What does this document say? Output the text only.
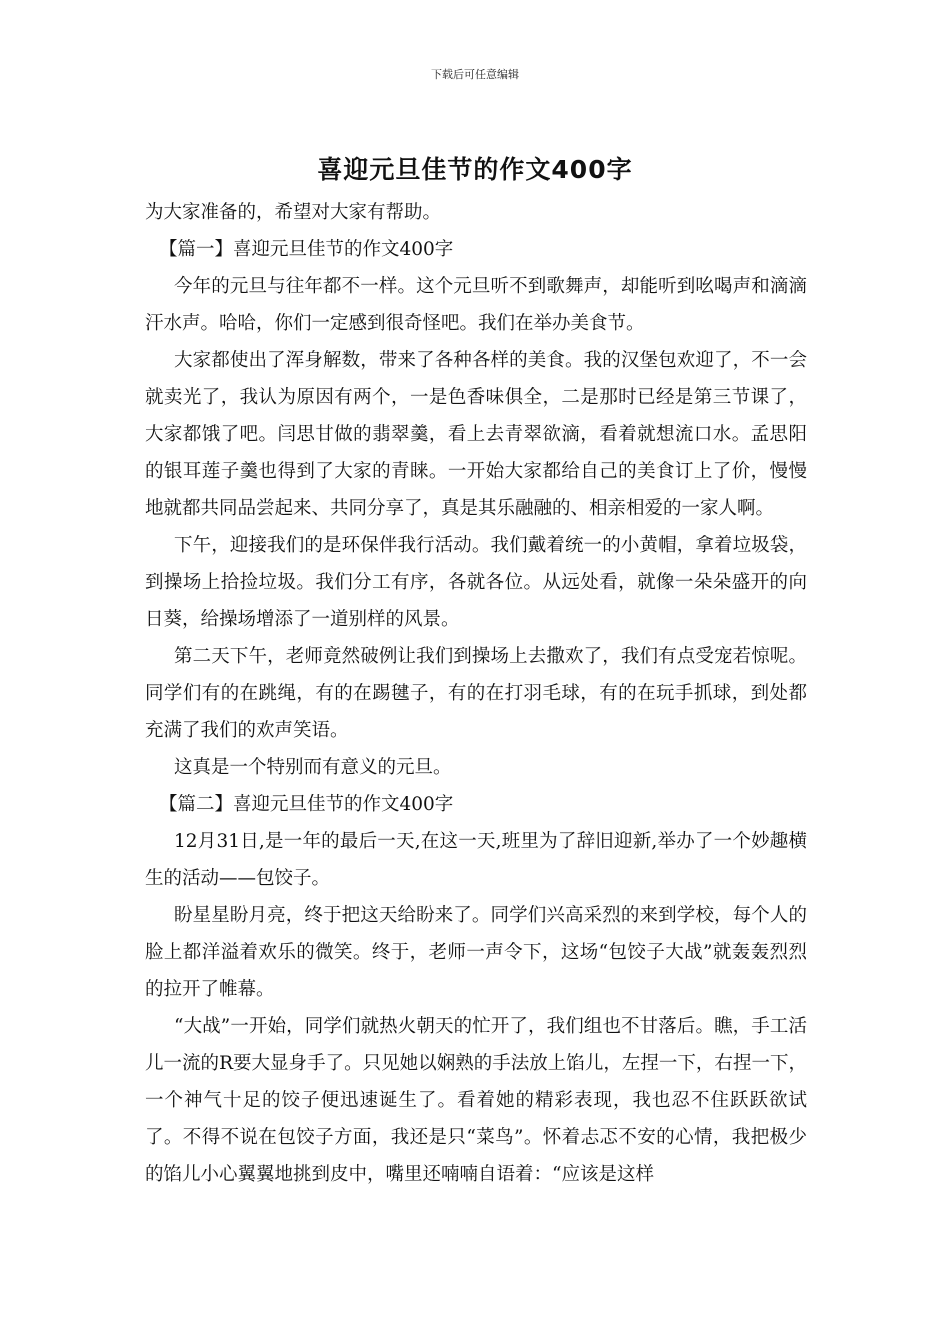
下载后可任意编辑
喜迎元旦佳节的作文400字

为大家准备的，希望对大家有帮助。

【篇一】喜迎元旦佳节的作文400字

今年的元旦与往年都不一样。这个元旦听不到歌舞声，却能听到吆喝声和滴滴汗水声。哈哈，你们一定感到很奇怪吧。我们在举办美食节。

大家都使出了浑身解数，带来了各种各样的美食。我的汉堡包欢迎了，不一会就卖光了，我认为原因有两个，一是色香味俱全，二是那时已经是第三节课了，大家都饿了吧。闫思甘做的翡翠羹，看上去青翠欲滴，看着就想流口水。孟思阳的银耳莲子羹也得到了大家的青睐。一开始大家都给自己的美食订上了价，慢慢地就都共同品尝起来、共同分享了，真是其乐融融的、相亲相爱的一家人啊。

下午，迎接我们的是环保伴我行活动。我们戴着统一的小黄帽，拿着垃圾袋，到操场上拾捡垃圾。我们分工有序，各就各位。从远处看，就像一朵朵盛开的向日葵，给操场增添了一道别样的风景。

第二天下午，老师竟然破例让我们到操场上去撒欢了，我们有点受宠若惊呢。同学们有的在跳绳，有的在踢毽子，有的在打羽毛球，有的在玩手抓球，到处都充满了我们的欢声笑语。

这真是一个特别而有意义的元旦。

【篇二】喜迎元旦佳节的作文400字

12月31日,是一年的最后一天,在这一天,班里为了辞旧迎新,举办了一个妙趣横生的活动——包饺子。

盼星星盼月亮，终于把这天给盼来了。同学们兴高采烈的来到学校，每个人的脸上都洋溢着欢乐的微笑。终于，老师一声令下，这场“包饺子大战”就轰轰烈烈的拉开了帷幕。

“大战”一开始，同学们就热火朝天的忙开了，我们组也不甘落后。瞧，手工活儿一流的R要大显身手了。只见她以娴熟的手法放上馅儿，左捏一下，右捏一下，一个神气十足的饺子便迅速诞生了。看着她的精彩表现，我也忍不住跃跃欲试了。不得不说在包饺子方面，我还是只“菜鸟”。怀着忐忑不安的心情，我把极少的馅儿小心翼翼地挑到皮中，嘴里还喃喃自语着：“应该是这样
